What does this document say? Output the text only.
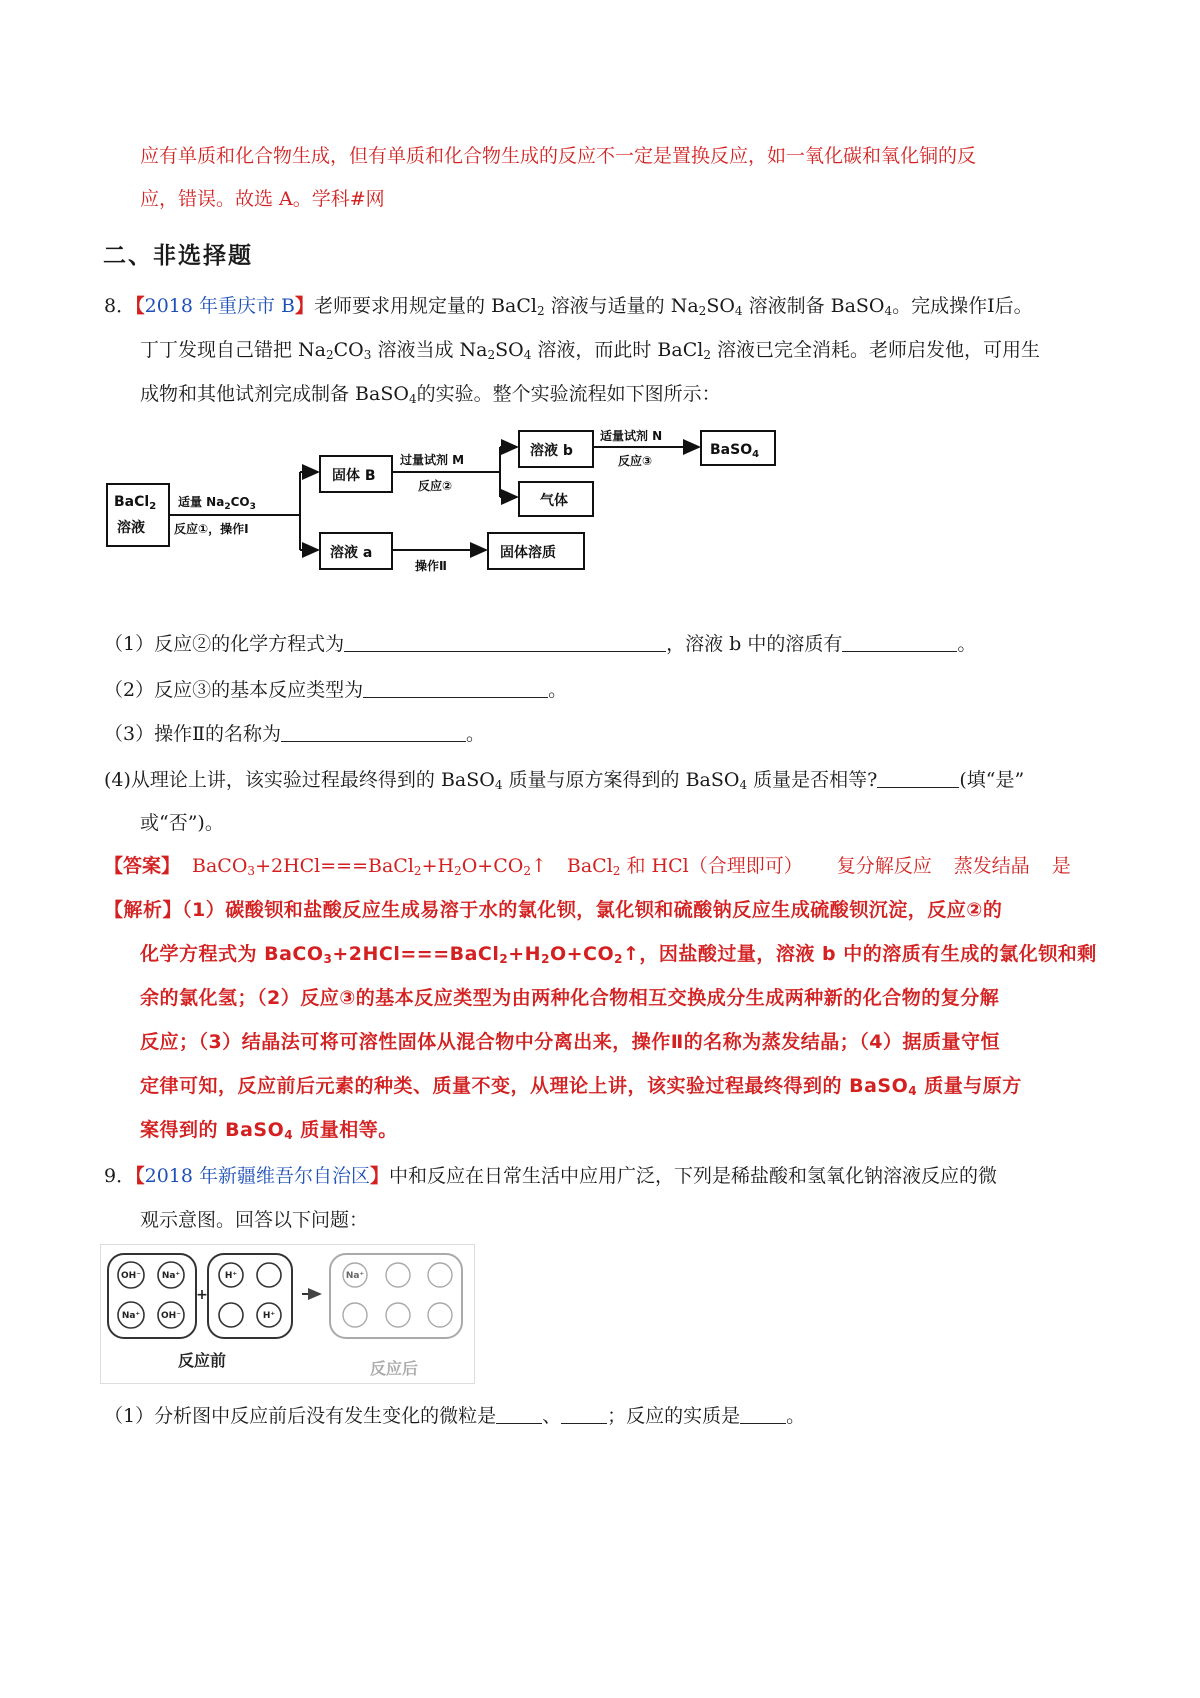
应有单质和化合物生成，但有单质和化合物生成的反应不一定是置换反应，如一氧化碳和氧化铜的反
应，错误。故选 A。学科#网
二、非选择题
8．【2018 年重庆市 B】老师要求用规定量的 BaCl$_2$ 溶液与适量的 $Na_2SO_4$ 溶液制备 BaSO$_4$。完成操作Ⅰ后。
丁丁发现自己错把 $Na_2CO_3$ 溶液当成 $Na_2SO_4$ 溶液，而此时 BaCl$_2$ 溶液已完全消耗。老师启发他，可用生
成物和其他试剂完成制备 BaSO$_4$的实验。整个实验流程如下图所示：
BaCl$_2$
溶液
适量 $Na_2CO_3$
反应①，操作Ⅰ
固体 B
过量试剂 M
反应②
溶液 b
适量试剂 N
反应③
BaSO$_4$
气体
溶液 a
操作Ⅱ
固体溶质
（1）反应②的化学方程式为	，溶液 b 中的溶质有	。
（2）反应③的基本反应类型为	。
（3）操作Ⅱ的名称为	。
(4)从理论上讲，该实验过程最终得到的 BaSO$_4$ 质量与原方案得到的 BaSO$_4$ 质量是否相等?	(填“是”
或“否”)。
【答案】 $BaCO_3+2HCl===BaCl_2+H_2O+CO_2↑$ BaCl$_2$ 和 HCl（合理即可） 复分解反应 蒸发结晶 是
【解析】（1）碳酸钡和盐酸反应生成易溶于水的氯化钡，氯化钡和硫酸钠反应生成硫酸钡沉淀，反应②的
化学方程式为 $BaCO_3+2HCl===BaCl_2+H_2O+CO_2↑$，因盐酸过量，溶液 b 中的溶质有生成的氯化钡和剩
余的氯化氢；（2）反应③的基本反应类型为由两种化合物相互交换成分生成两种新的化合物的复分解
反应；（3）结晶法可将可溶性固体从混合物中分离出来，操作Ⅱ的名称为蒸发结晶；（4）据质量守恒
定律可知，反应前后元素的种类、质量不变，从理论上讲，该实验过程最终得到的 BaSO$_4$ 质量与原方
案得到的 BaSO$_4$ 质量相等。
9．【2018 年新疆维吾尔自治区】中和反应在日常生活中应用广泛，下列是稀盐酸和氢氧化钠溶液反应的微
观示意图。回答以下问题：
OH⁻ Na⁺
Na⁺ OH⁻
H⁺
H⁺
Na⁺
+
反应前	反应后
（1）分析图中反应前后没有发生变化的微粒是 、 ；反应的实质是 。
